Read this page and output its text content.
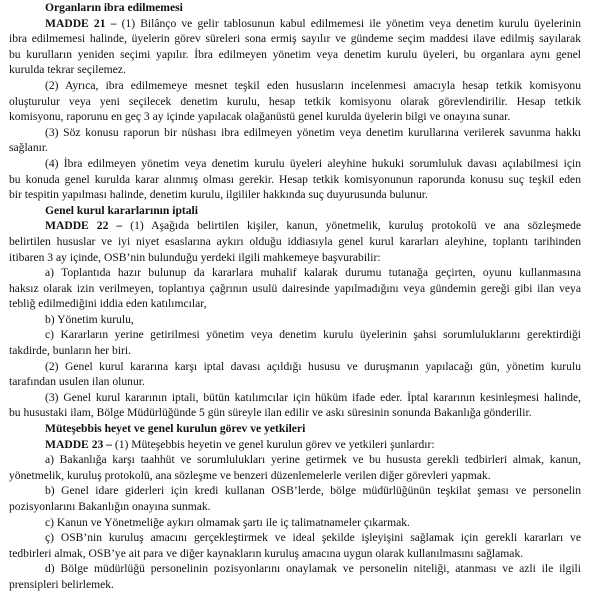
Organların ibra edilmemesi
MADDE 21 – (1) Bilânço ve gelir tablosunun kabul edilmemesi ile yönetim veya denetim kurulu üyelerinin
ibra edilmemesi halinde, üyelerin görev süreleri sona ermiş sayılır ve gündeme seçim maddesi ilave edilmiş sayılarak
bu kurulların yeniden seçimi yapılır. İbra edilmeyen yönetim veya denetim kurulu üyeleri, bu organlara aynı genel
kurulda tekrar seçilemez.
(2) Ayrıca, ibra edilmemeye mesnet teşkil eden hususların incelenmesi amacıyla hesap tetkik komisyonu
oluşturulur veya yeni seçilecek denetim kurulu, hesap tetkik komisyonu olarak görevlendirilir. Hesap tetkik
komisyonu, raporunu en geç 3 ay içinde yapılacak olağanüstü genel kurulda üyelerin bilgi ve onayına sunar.
(3) Söz konusu raporun bir nüshası ibra edilmeyen yönetim veya denetim kurullarına verilerek savunma hakkı
sağlanır.
(4) İbra edilmeyen yönetim veya denetim kurulu üyeleri aleyhine hukuki sorumluluk davası açılabilmesi için
bu konuda genel kurulda karar alınmış olması gerekir. Hesap tetkik komisyonunun raporunda konusu suç teşkil eden
bir tespitin yapılması halinde, denetim kurulu, ilgililer hakkında suç duyurusunda bulunur.
Genel kurul kararlarının iptali
MADDE 22 – (1) Aşağıda belirtilen kişiler, kanun, yönetmelik, kuruluş protokolü ve ana sözleşmede
belirtilen hususlar ve iyi niyet esaslarına aykırı olduğu iddiasıyla genel kurul kararları aleyhine, toplantı tarihinden
itibaren 3 ay içinde, OSB’nin bulunduğu yerdeki ilgili mahkemeye başvurabilir:
a) Toplantıda hazır bulunup da kararlara muhalif kalarak durumu tutanağa geçirten, oyunu kullanmasına
haksız olarak izin verilmeyen, toplantıya çağrının usulü dairesinde yapılmadığını veya gündemin gereği gibi ilan veya
tebliğ edilmediğini iddia eden katılımcılar,
b) Yönetim kurulu,
c) Kararların yerine getirilmesi yönetim veya denetim kurulu üyelerinin şahsi sorumluluklarını gerektirdiği
takdirde, bunların her biri.
(2) Genel kurul kararına karşı iptal davası açıldığı hususu ve duruşmanın yapılacağı gün, yönetim kurulu
tarafından usulen ilan olunur.
(3) Genel kurul kararının iptali, bütün katılımcılar için hüküm ifade eder. İptal kararının kesinleşmesi halinde,
bu husustaki ilam, Bölge Müdürlüğünde 5 gün süreyle ilan edilir ve askı süresinin sonunda Bakanlığa gönderilir.
Müteşebbis heyet ve genel kurulun görev ve yetkileri
MADDE 23 – (1) Müteşebbis heyetin ve genel kurulun görev ve yetkileri şunlardır:
a) Bakanlığa karşı taahhüt ve sorumlulukları yerine getirmek ve bu hususta gerekli tedbirleri almak, kanun,
yönetmelik, kuruluş protokolü, ana sözleşme ve benzeri düzenlemelerle verilen diğer görevleri yapmak.
b) Genel idare giderleri için kredi kullanan OSB’lerde, bölge müdürlüğünün teşkilat şeması ve personelin
pozisyonlarını Bakanlığın onayına sunmak.
c) Kanun ve Yönetmeliğe aykırı olmamak şartı ile iç talimatnameler çıkarmak.
ç) OSB’nin kuruluş amacını gerçekleştirmek ve ideal şekilde işleyişini sağlamak için gerekli kararları ve
tedbirleri almak, OSB’ye ait para ve diğer kaynakların kuruluş amacına uygun olarak kullanılmasını sağlamak.
d) Bölge müdürlüğü personelinin pozisyonlarını onaylamak ve personelin niteliği, atanması ve azli ile ilgili
prensipleri belirlemek.
